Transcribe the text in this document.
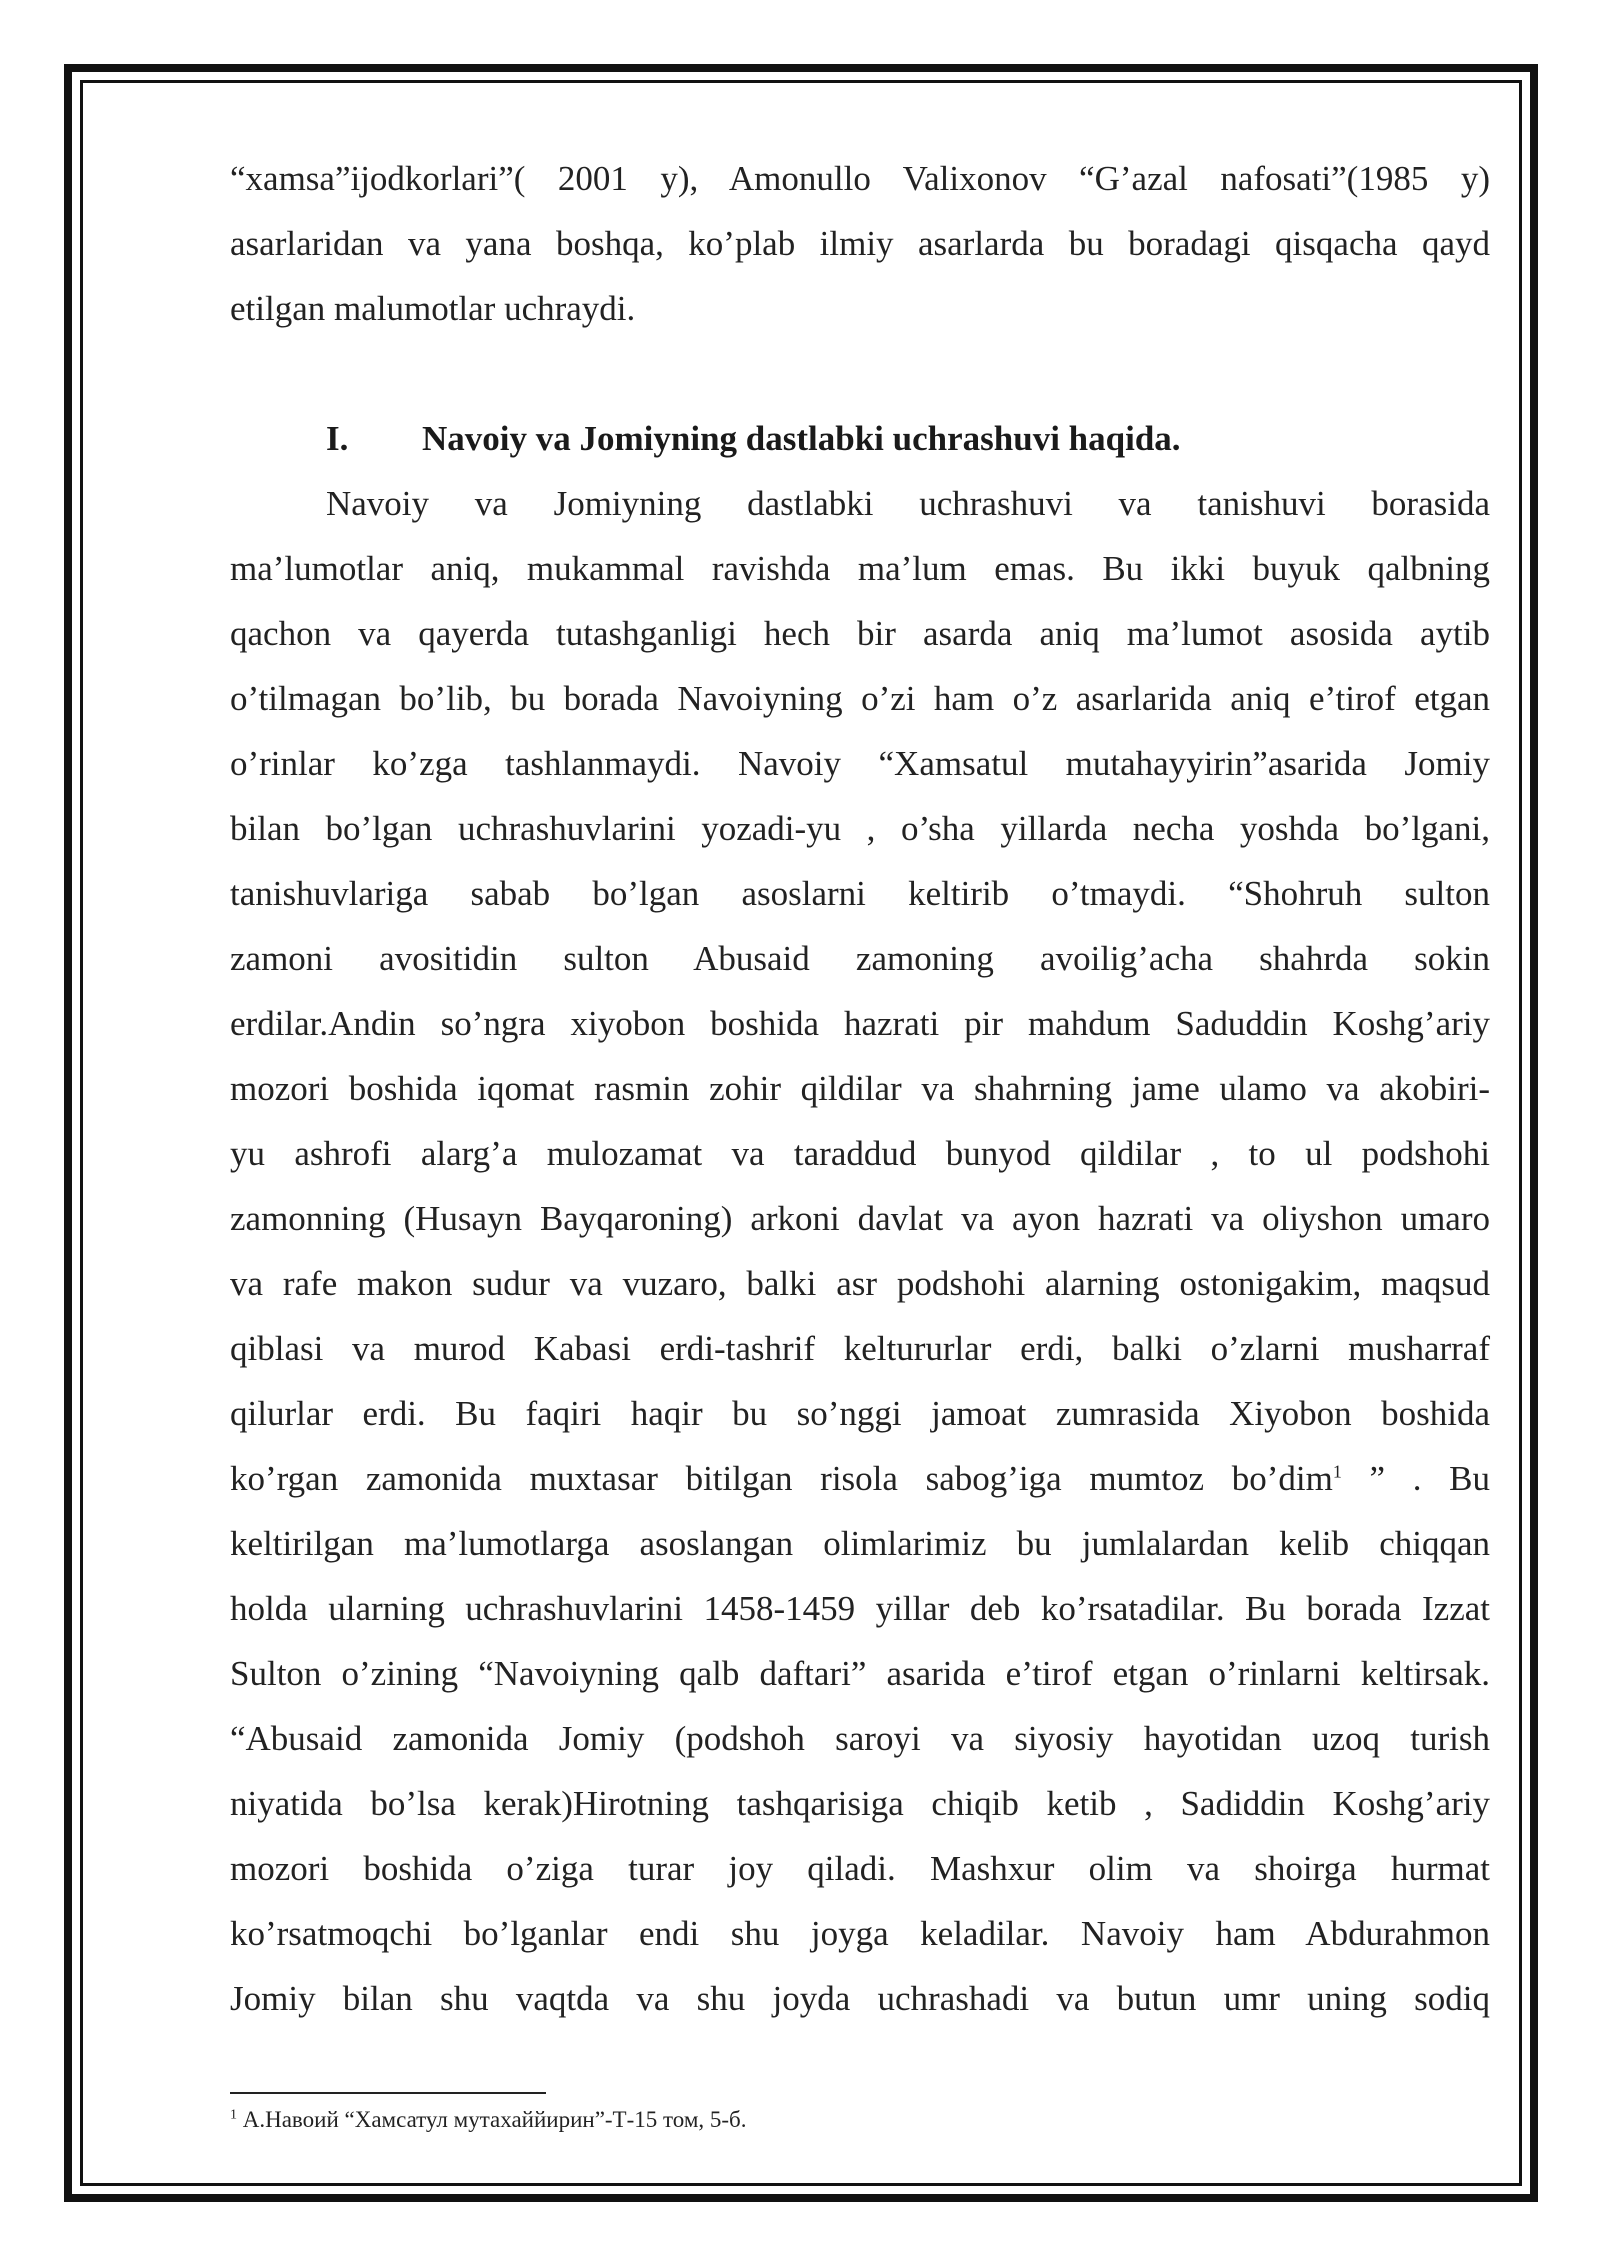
“xamsa”ijodkorlari”( 2001 y), Amonullo Valixonov “G’azal nafosati”(1985 y)

asarlaridan va yana boshqa, ko’plab ilmiy asarlarda bu boradagi qisqacha qayd

etilgan malumotlar uchraydi.

I.	Navoiy va Jomiyning dastlabki uchrashuvi haqida.

Navoiy va Jomiyning dastlabki uchrashuvi va tanishuvi borasida

ma’lumotlar aniq, mukammal ravishda ma’lum emas. Bu ikki buyuk qalbning

qachon va qayerda tutashganligi hech bir asarda aniq ma’lumot asosida aytib

o’tilmagan bo’lib, bu borada Navoiyning o’zi ham o’z asarlarida aniq e’tirof etgan

o’rinlar ko’zga tashlanmaydi. Navoiy “Xamsatul mutahayyirin”asarida Jomiy

bilan bo’lgan uchrashuvlarini yozadi-yu , o’sha yillarda necha yoshda bo’lgani,

tanishuvlariga sabab bo’lgan asoslarni keltirib o’tmaydi. “Shohruh sulton

zamoni avositidin sulton Abusaid zamoning avoilig’acha shahrda sokin

erdilar.Andin so’ngra xiyobon boshida hazrati pir mahdum Saduddin Koshg’ariy

mozori boshida iqomat rasmin zohir qildilar va shahrning jame ulamo va akobiri-

yu ashrofi alarg’a mulozamat va taraddud bunyod qildilar , to ul podshohi

zamonning (Husayn Bayqaroning) arkoni davlat va ayon hazrati va oliyshon umaro

va rafe makon sudur va vuzaro, balki asr podshohi alarning ostonigakim, maqsud

qiblasi va murod Kabasi erdi-tashrif kelturu​rlar erdi, balki o’zlarni musharraf

qilurlar erdi. Bu faqiri haqir bu so’nggi jamoat zumrasida Xiyobon boshida

ko’rgan zamonida muxtasar bitilgan risola sabog’iga mumtoz bo’dim$^1$ ” . Bu

keltirilgan ma’lumotlarga asoslangan olimlarimiz bu jumlalardan kelib chiqqan

holda ularning uchrashuvlarini 1458-1459 yillar deb ko’rsatadilar. Bu borada Izzat

Sulton o’zining “Navoiyning qalb daftari” asarida e’tirof etgan o’rinlarni keltirsak.

“Abusaid zamonida Jomiy (podshoh saroyi va siyosiy hayotidan uzoq turish

niyatida bo’lsa kerak)Hirotning tashqarisiga chiqib ketib , Sadiddin Koshg’ariy

mozori boshida o’ziga turar joy qiladi. Mashxur olim va shoirga hurmat

ko’rsatmoqchi bo’lganlar endi shu joyga keladilar. Navoiy ham Abdurahmon

Jomiy bilan shu vaqtda va shu joyda uchrashadi va butun umr uning sodiq

$^1$ А.Навоий “Хамсатул мутахаййирин”-Т-15 том, 5-б.
